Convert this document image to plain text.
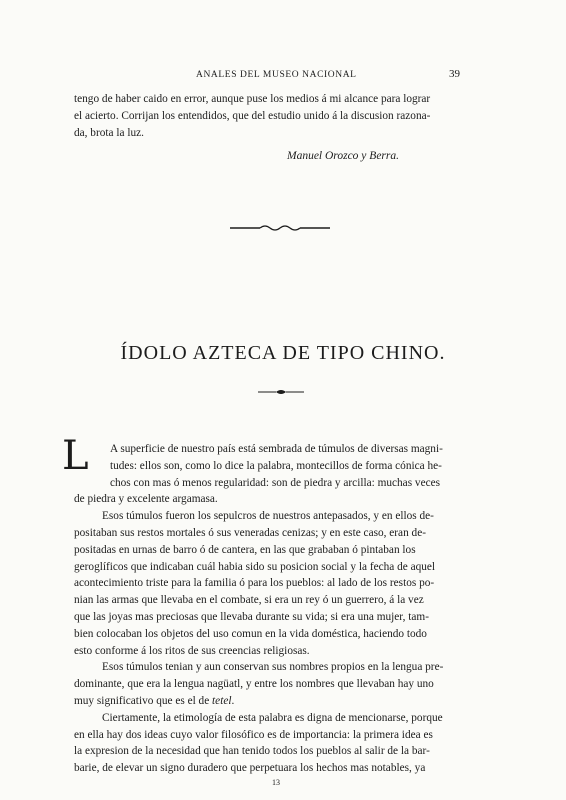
ANALES DEL MUSEO NACIONAL	39
tengo de haber caido en error, aunque puse los medios á mi alcance para lograr
el acierto. Corrijan los entendidos, que del estudio unido á la discusion razona-
da, brota la luz.
Manuel Orozco y Berra.
ÍDOLO AZTECA DE TIPO CHINO.
L	A superficie de nuestro país está sembrada de túmulos de diversas magni-
tudes: ellos son, como lo dice la palabra, montecillos de forma cónica he-
chos con mas ó menos regularidad: son de piedra y arcilla: muchas veces
de piedra y excelente argamasa.
Esos túmulos fueron los sepulcros de nuestros antepasados, y en ellos de-
positaban sus restos mortales ó sus veneradas cenizas; y en este caso, eran de-
positadas en urnas de barro ó de cantera, en las que grababan ó pintaban los
geroglíficos que indicaban cuál habia sido su posicion social y la fecha de aquel
acontecimiento triste para la familia ó para los pueblos: al lado de los restos po-
nian las armas que llevaba en el combate, si era un rey ó un guerrero, á la vez
que las joyas mas preciosas que llevaba durante su vida; si era una mujer, tam-
bien colocaban los objetos del uso comun en la vida doméstica, haciendo todo
esto conforme á los ritos de sus creencias religiosas.
Esos túmulos tenian y aun conservan sus nombres propios en la lengua pre-
dominante, que era la lengua nagüatl, y entre los nombres que llevaban hay uno
muy significativo que es el de tetel.
Ciertamente, la etimología de esta palabra es digna de mencionarse, porque
en ella hay dos ideas cuyo valor filosófico es de importancia: la primera idea es
la expresion de la necesidad que han tenido todos los pueblos al salir de la bar-
barie, de elevar un signo duradero que perpetuara los hechos mas notables, ya
13
